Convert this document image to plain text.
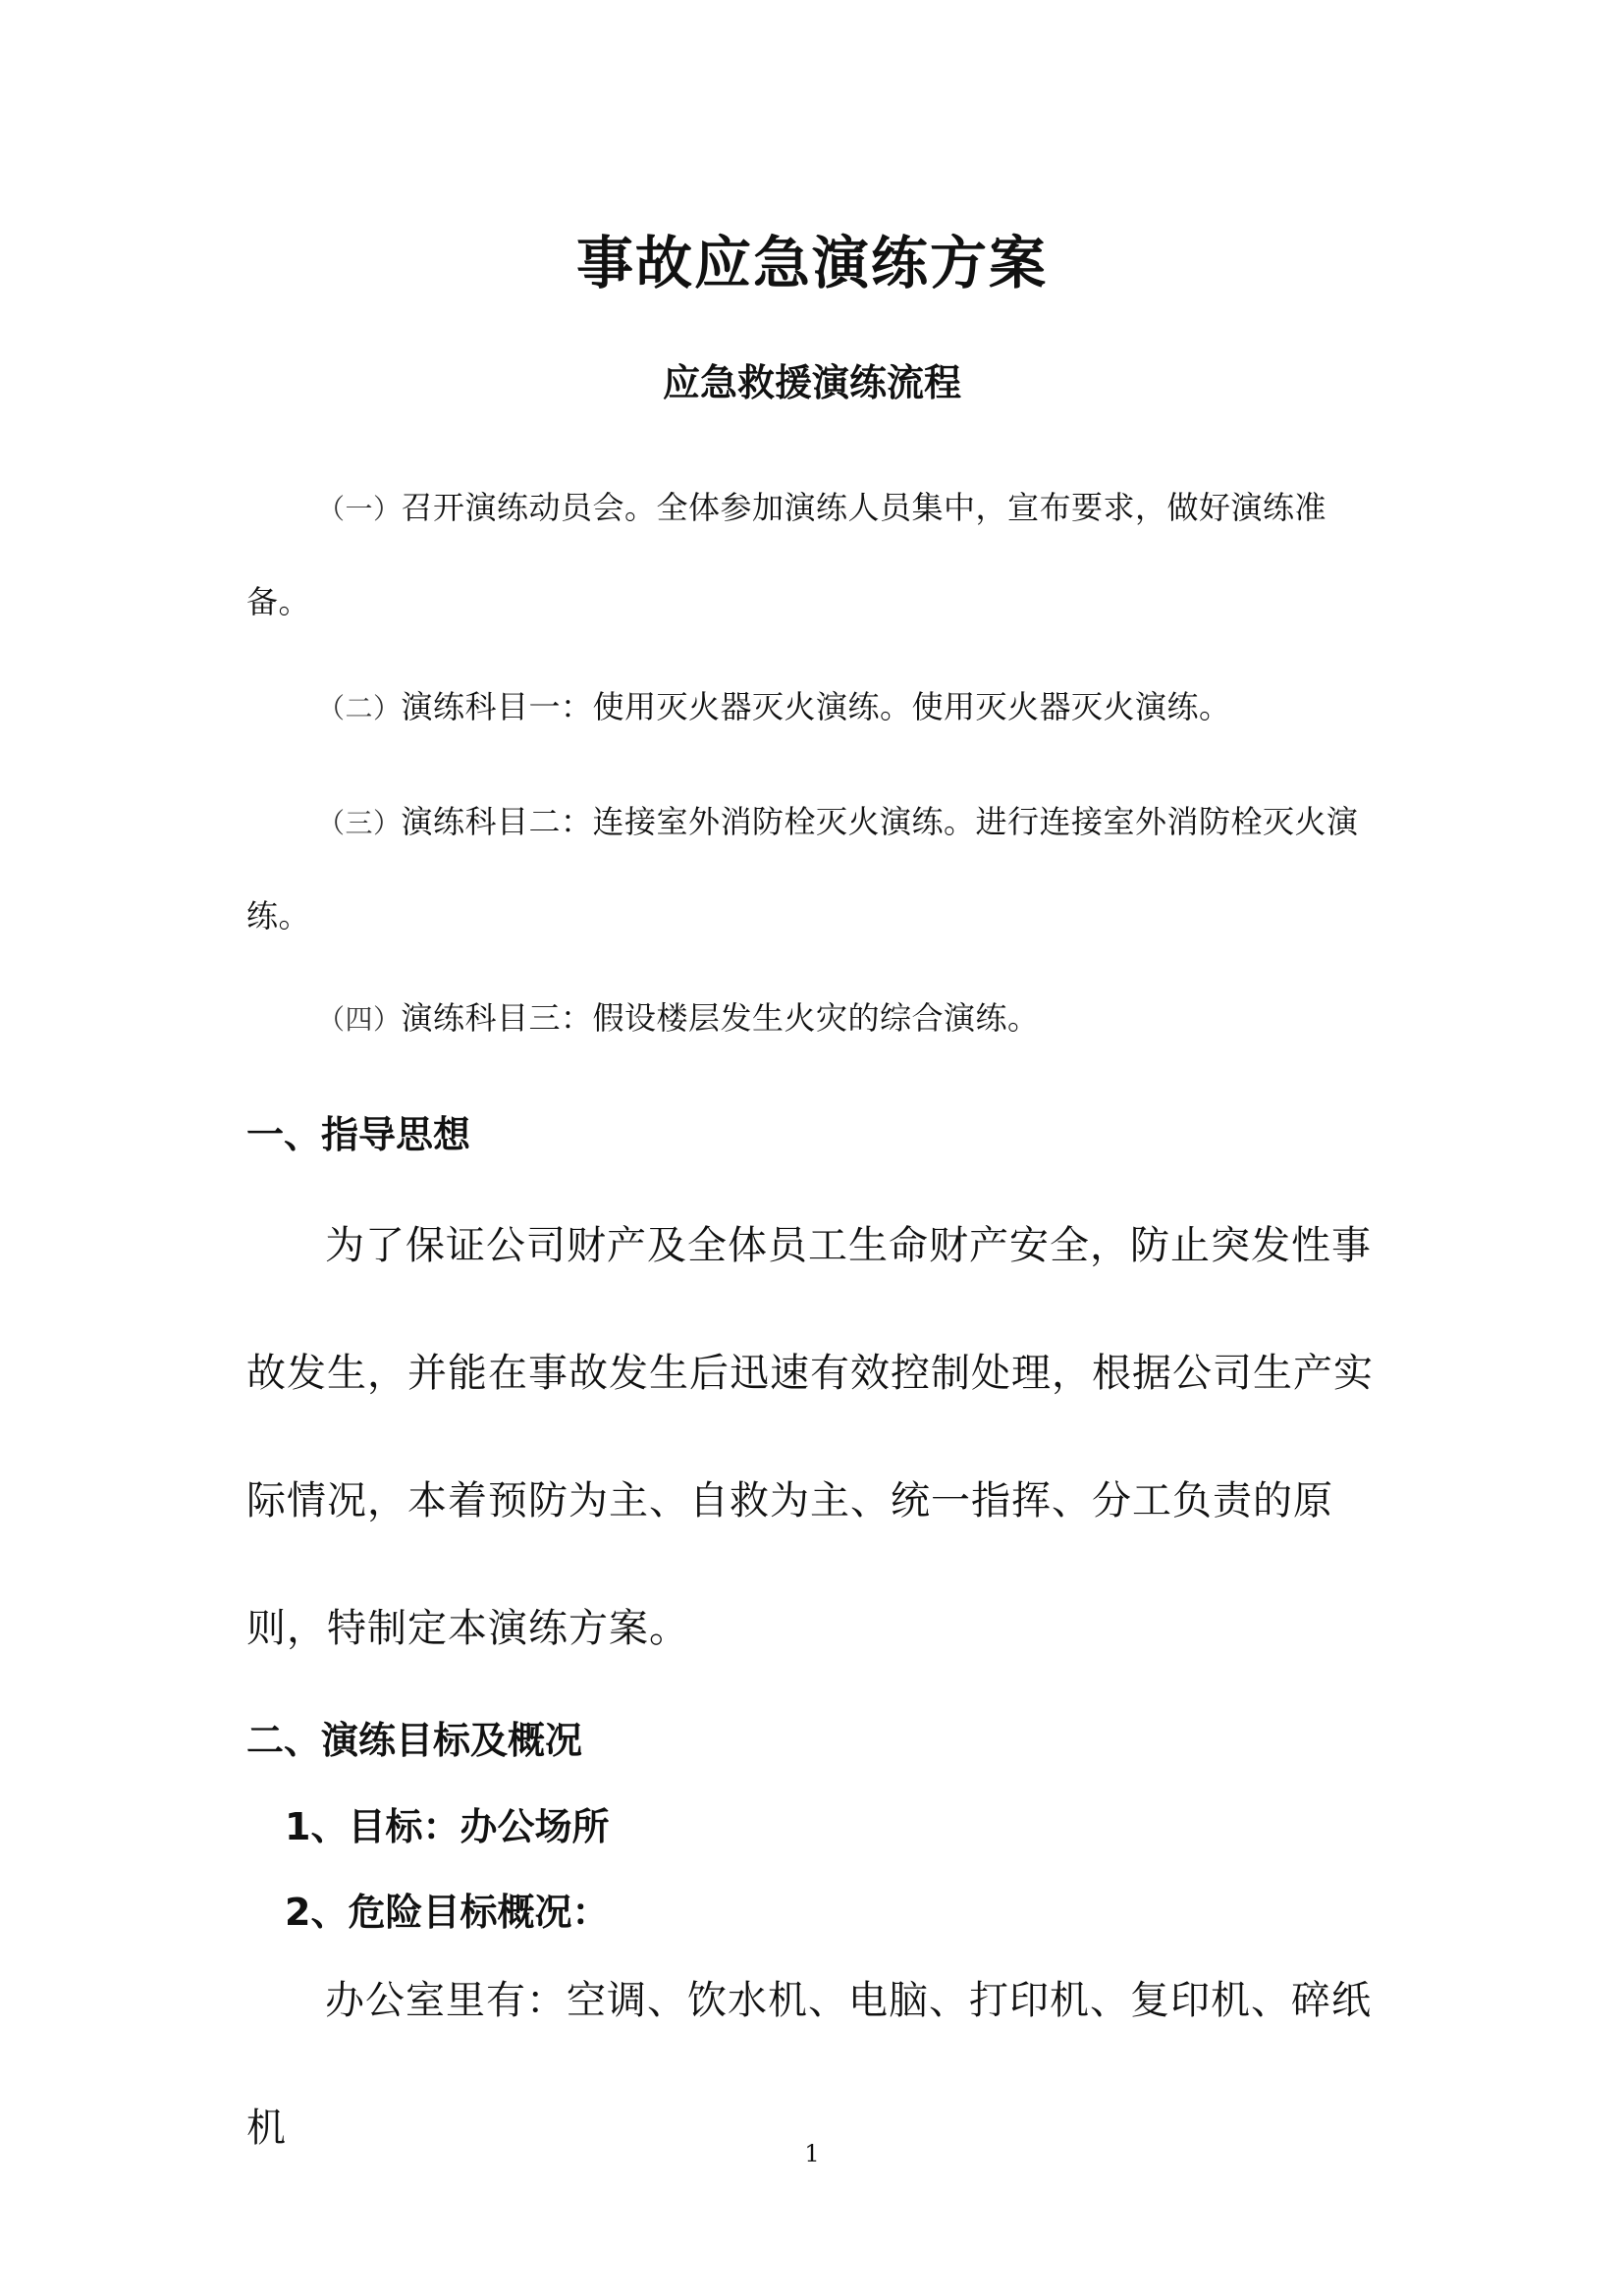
事故应急演练方案
应急救援演练流程
（一）召开演练动员会。全体参加演练人员集中，宣布要求，做好演练准备。
（二）演练科目一：使用灭火器灭火演练。使用灭火器灭火演练。
（三）演练科目二：连接室外消防栓灭火演练。进行连接室外消防栓灭火演练。
（四）演练科目三：假设楼层发生火灾的综合演练。
一、指导思想
为了保证公司财产及全体员工生命财产安全，防止突发性事故发生，并能在事故发生后迅速有效控制处理，根据公司生产实际情况，本着预防为主、自救为主、统一指挥、分工负责的原则，特制定本演练方案。
二、演练目标及概况
1、目标：办公场所
2、危险目标概况：
办公室里有：空调、饮水机、电脑、打印机、复印机、碎纸机
1
